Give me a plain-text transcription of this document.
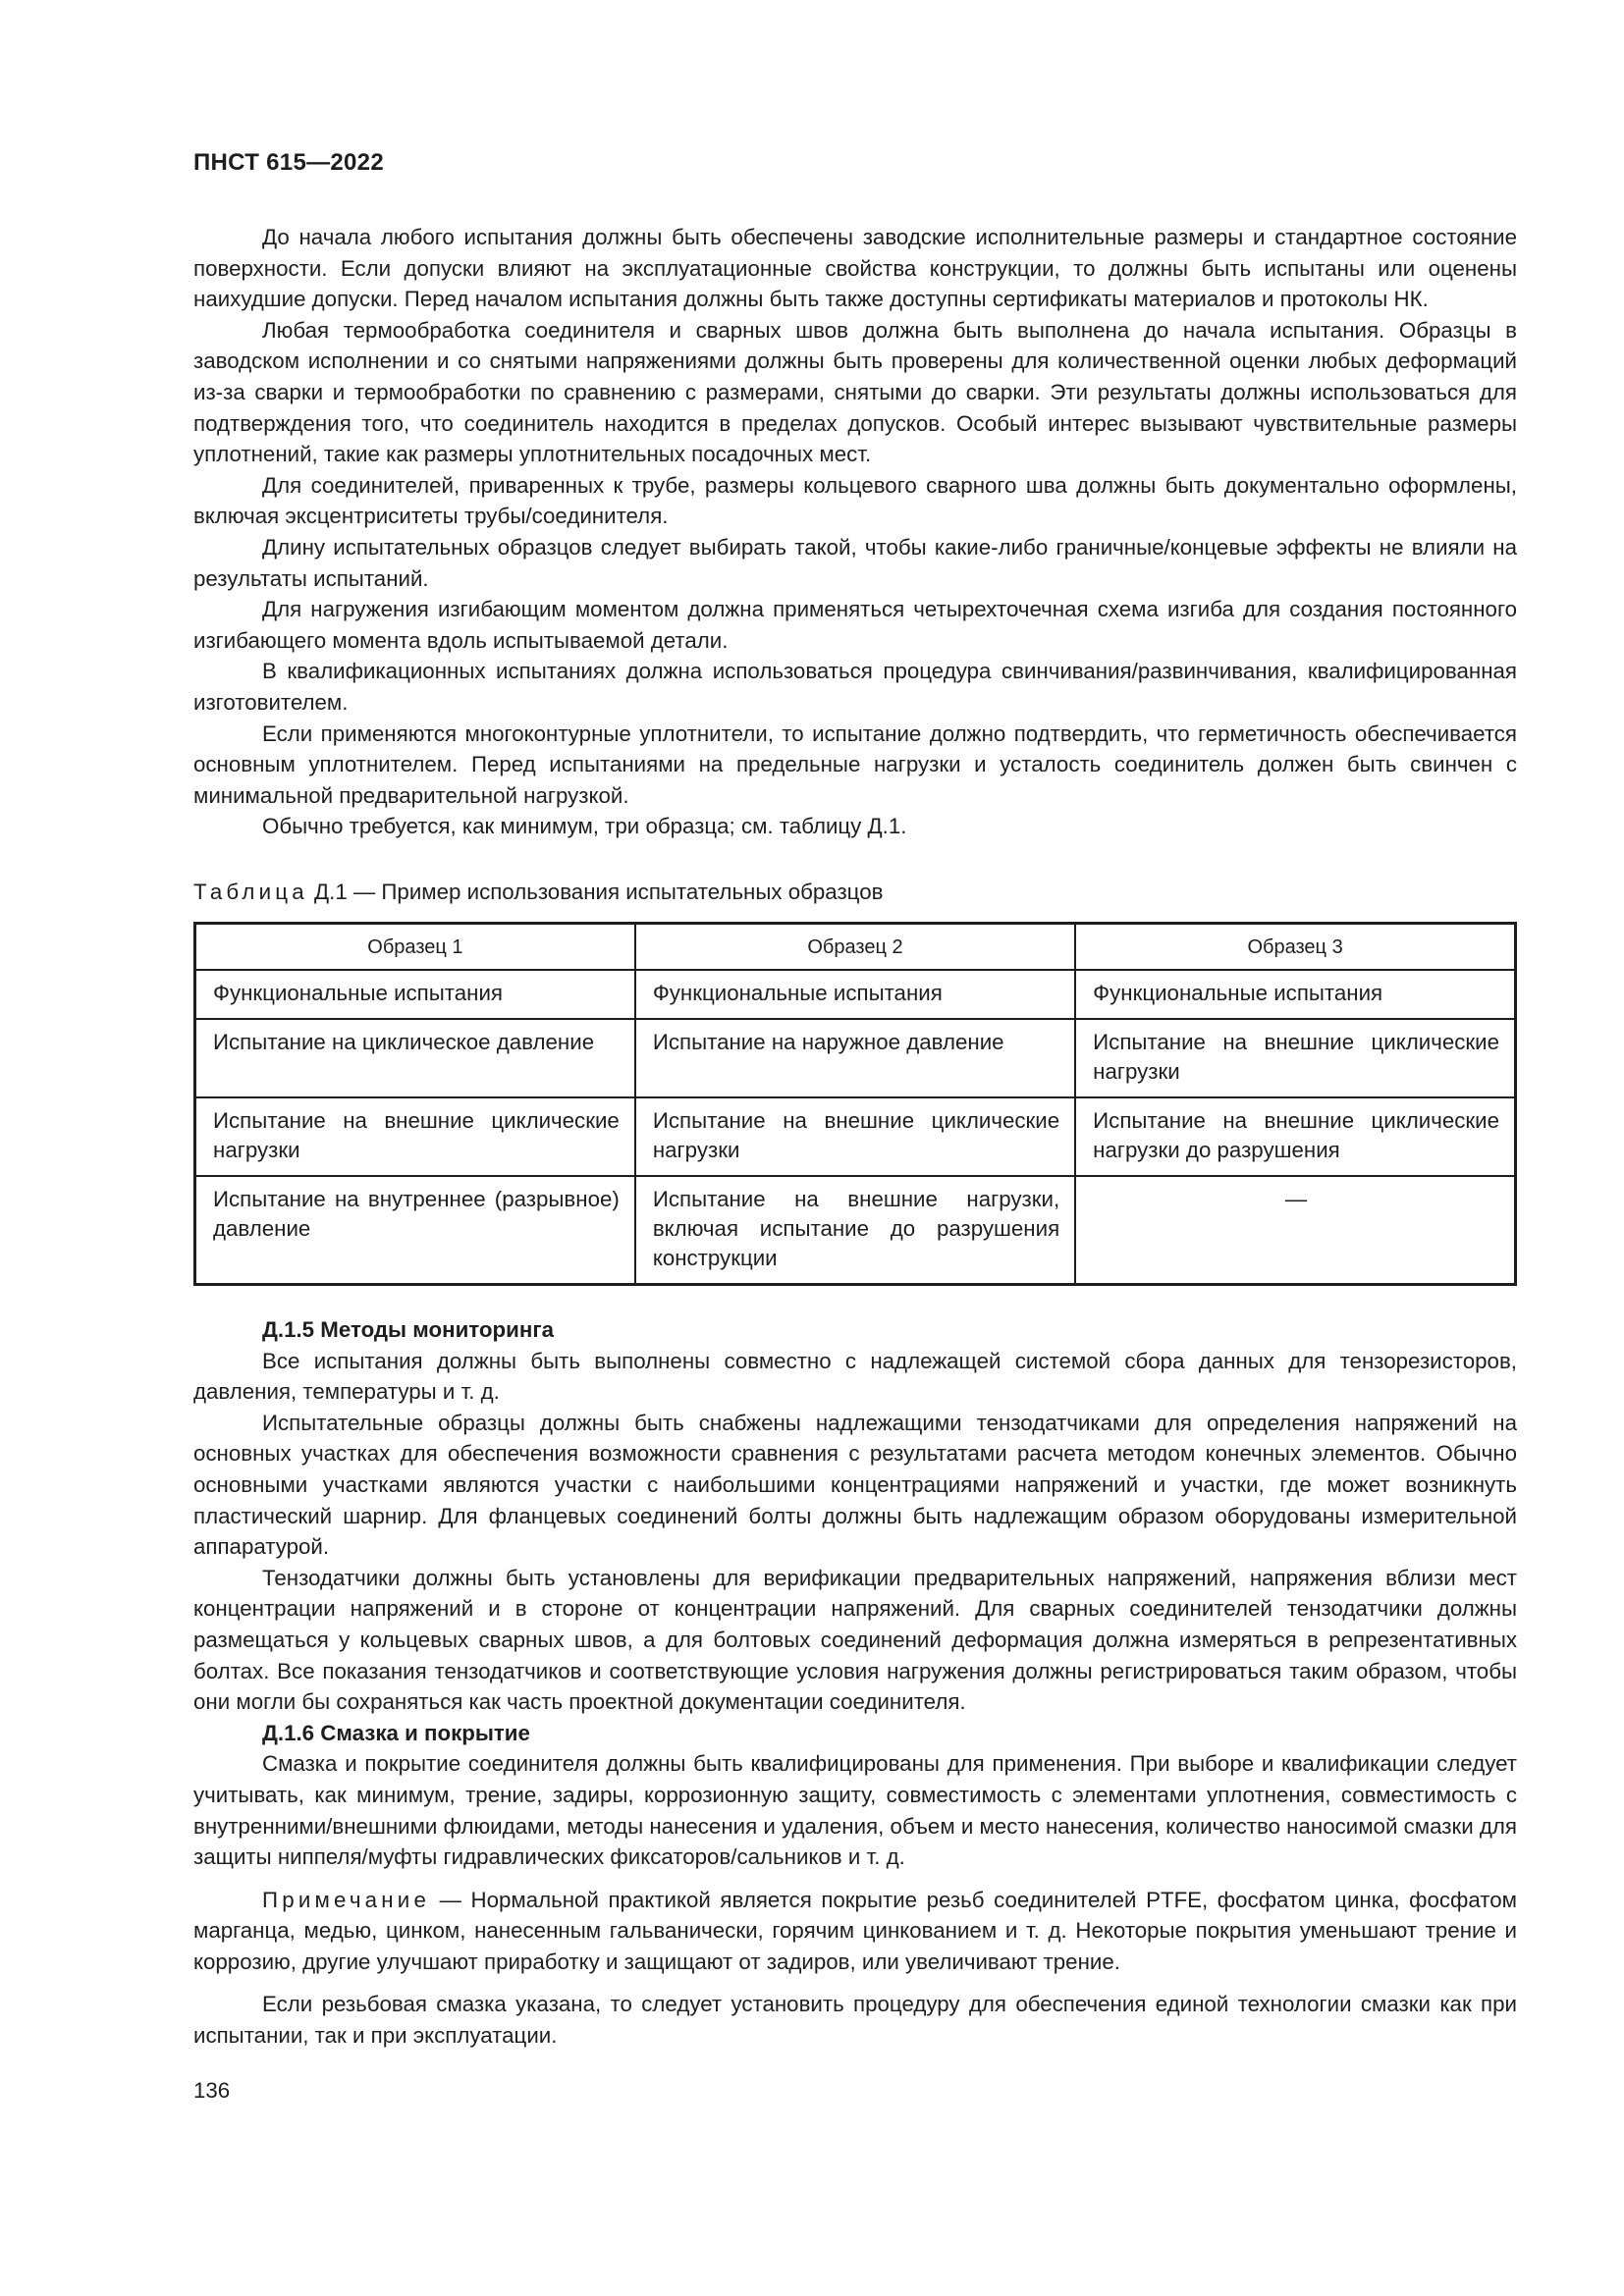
ПНСТ 615—2022

До начала любого испытания должны быть обеспечены заводские исполнительные размеры и стандартное состояние поверхности. Если допуски влияют на эксплуатационные свойства конструкции, то должны быть испытаны или оценены наихудшие допуски. Перед началом испытания должны быть также доступны сертификаты материалов и протоколы НК.

Любая термообработка соединителя и сварных швов должна быть выполнена до начала испытания. Образцы в заводском исполнении и со снятыми напряжениями должны быть проверены для количественной оценки любых деформаций из-за сварки и термообработки по сравнению с размерами, снятыми до сварки. Эти результаты должны использоваться для подтверждения того, что соединитель находится в пределах допусков. Особый интерес вызывают чувствительные размеры уплотнений, такие как размеры уплотнительных посадочных мест.

Для соединителей, приваренных к трубе, размеры кольцевого сварного шва должны быть документально оформлены, включая эксцентриситеты трубы/соединителя.

Длину испытательных образцов следует выбирать такой, чтобы какие-либо граничные/концевые эффекты не влияли на результаты испытаний.

Для нагружения изгибающим моментом должна применяться четырехточечная схема изгиба для создания постоянного изгибающего момента вдоль испытываемой детали.

В квалификационных испытаниях должна использоваться процедура свинчивания/развинчивания, квалифицированная изготовителем.

Если применяются многоконтурные уплотнители, то испытание должно подтвердить, что герметичность обеспечивается основным уплотнителем. Перед испытаниями на предельные нагрузки и усталость соединитель должен быть свинчен с минимальной предварительной нагрузкой.

Обычно требуется, как минимум, три образца; см. таблицу Д.1.

Таблица Д.1 — Пример использования испытательных образцов
Образец 1	Образец 2	Образец 3
Функциональные испытания	Функциональные испытания	Функциональные испытания
Испытание на циклическое давление	Испытание на наружное давление	Испытание на внешние циклические нагрузки
Испытание на внешние циклические нагрузки	Испытание на внешние циклические нагрузки	Испытание на внешние циклические нагрузки до разрушения
Испытание на внутреннее (разрывное) давление	Испытание на внешние нагрузки, включая испытание до разрушения конструкции	—
Д.1.5 Методы мониторинга

Все испытания должны быть выполнены совместно с надлежащей системой сбора данных для тензорезисторов, давления, температуры и т. д.

Испытательные образцы должны быть снабжены надлежащими тензодатчиками для определения напряжений на основных участках для обеспечения возможности сравнения с результатами расчета методом конечных элементов. Обычно основными участками являются участки с наибольшими концентрациями напряжений и участки, где может возникнуть пластический шарнир. Для фланцевых соединений болты должны быть надлежащим образом оборудованы измерительной аппаратурой.

Тензодатчики должны быть установлены для верификации предварительных напряжений, напряжения вблизи мест концентрации напряжений и в стороне от концентрации напряжений. Для сварных соединителей тензодатчики должны размещаться у кольцевых сварных швов, а для болтовых соединений деформация должна измеряться в репрезентативных болтах. Все показания тензодатчиков и соответствующие условия нагружения должны регистрироваться таким образом, чтобы они могли бы сохраняться как часть проектной документации соединителя.

Д.1.6 Смазка и покрытие

Смазка и покрытие соединителя должны быть квалифицированы для применения. При выборе и квалификации следует учитывать, как минимум, трение, задиры, коррозионную защиту, совместимость с элементами уплотнения, совместимость с внутренними/внешними флюидами, методы нанесения и удаления, объем и место нанесения, количество наносимой смазки для защиты ниппеля/муфты гидравлических фиксаторов/сальников и т. д.

Примечание — Нормальной практикой является покрытие резьб соединителей PTFE, фосфатом цинка, фосфатом марганца, медью, цинком, нанесенным гальванически, горячим цинкованием и т. д. Некоторые покрытия уменьшают трение и коррозию, другие улучшают приработку и защищают от задиров, или увеличивают трение.

Если резьбовая смазка указана, то следует установить процедуру для обеспечения единой технологии смазки как при испытании, так и при эксплуатации.

136
